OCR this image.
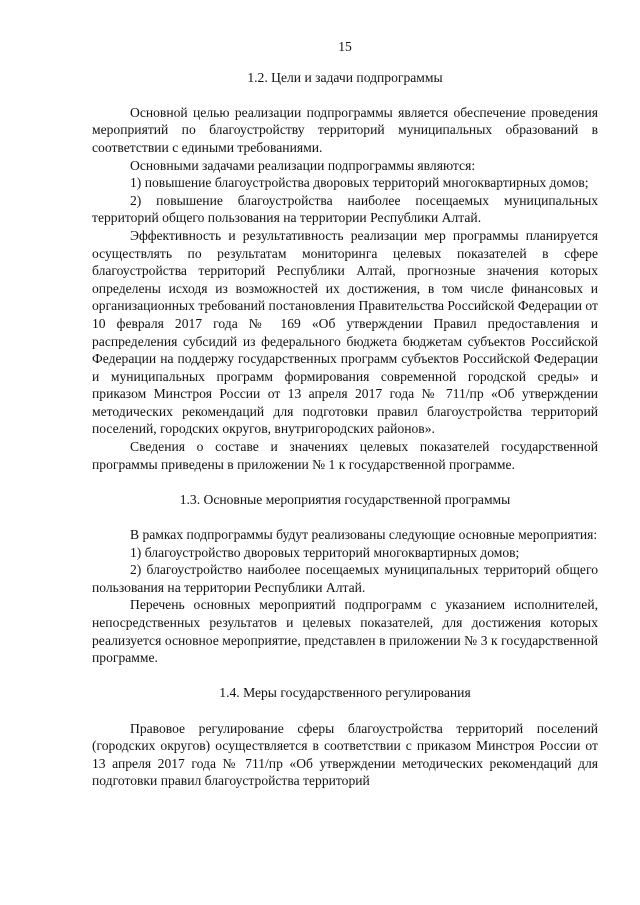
15
1.2. Цели и задачи подпрограммы

Основной целью реализации подпрограммы является обеспечение проведения мероприятий по благоустройству территорий муниципальных образований в соответствии с едиными требованиями.

Основными задачами реализации подпрограммы являются:

1) повышение благоустройства дворовых территорий многоквартирных домов;

2) повышение благоустройства наиболее посещаемых муниципальных территорий общего пользования на территории Республики Алтай.

Эффективность и результативность реализации мер программы планируется осуществлять по результатам мониторинга целевых показателей в сфере благоустройства территорий Республики Алтай, прогнозные значения которых определены исходя из возможностей их достижения, в том числе финансовых и организационных требований постановления Правительства Российской Федерации от 10 февраля 2017 года № 169 «Об утверждении Правил предоставления и распределения субсидий из федерального бюджета бюджетам субъектов Российской Федерации на поддержу государственных программ субъектов Российской Федерации и муниципальных программ формирования современной городской среды» и приказом Минстроя России от 13 апреля 2017 года № 711/пр «Об утверждении методических рекомендаций для подготовки правил благоустройства территорий поселений, городских округов, внутригородских районов».

Сведения о составе и значениях целевых показателей государственной программы приведены в приложении № 1 к государственной программе.

1.3. Основные мероприятия государственной программы

В рамках подпрограммы будут реализованы следующие основные мероприятия:

1) благоустройство дворовых территорий многоквартирных домов;

2) благоустройство наиболее посещаемых муниципальных территорий общего пользования на территории Республики Алтай.

Перечень основных мероприятий подпрограмм с указанием исполнителей, непосредственных результатов и целевых показателей, для достижения которых реализуется основное мероприятие, представлен в приложении № 3 к государственной программе.

1.4. Меры государственного регулирования

Правовое регулирование сферы благоустройства территорий поселений (городских округов) осуществляется в соответствии с приказом Минстроя России от 13 апреля 2017 года № 711/пр «Об утверждении методических рекомендаций для подготовки правил благоустройства территорий
